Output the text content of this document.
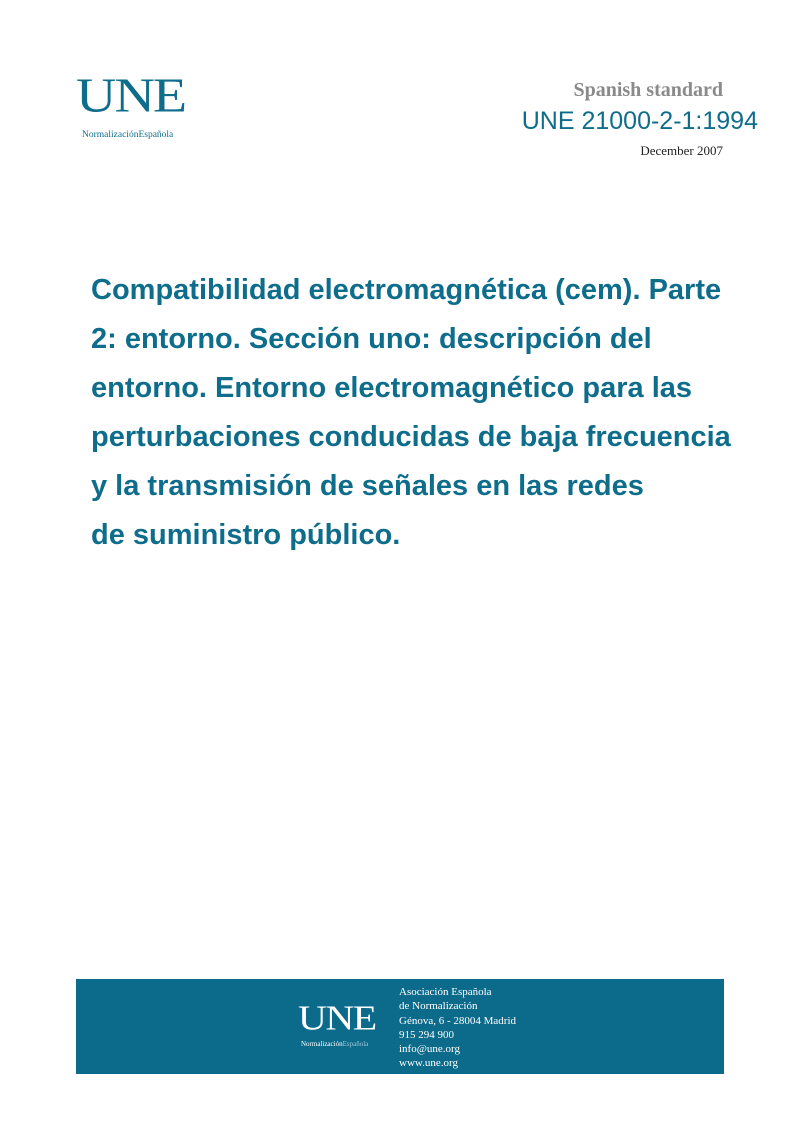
UNE
NormalizaciónEspañola
Spanish standard
UNE 21000-2-1:1994
December 2007
Compatibilidad electromagnética (cem). Parte
2: entorno. Sección uno: descripción del
entorno. Entorno electromagnético para las
perturbaciones conducidas de baja frecuencia
y la transmisión de señales en las redes
de suministro público.
UNE
NormalizaciónEspañola
Asociación Española
de Normalización
Génova, 6 - 28004 Madrid
915 294 900
info@une.org
www.une.org
